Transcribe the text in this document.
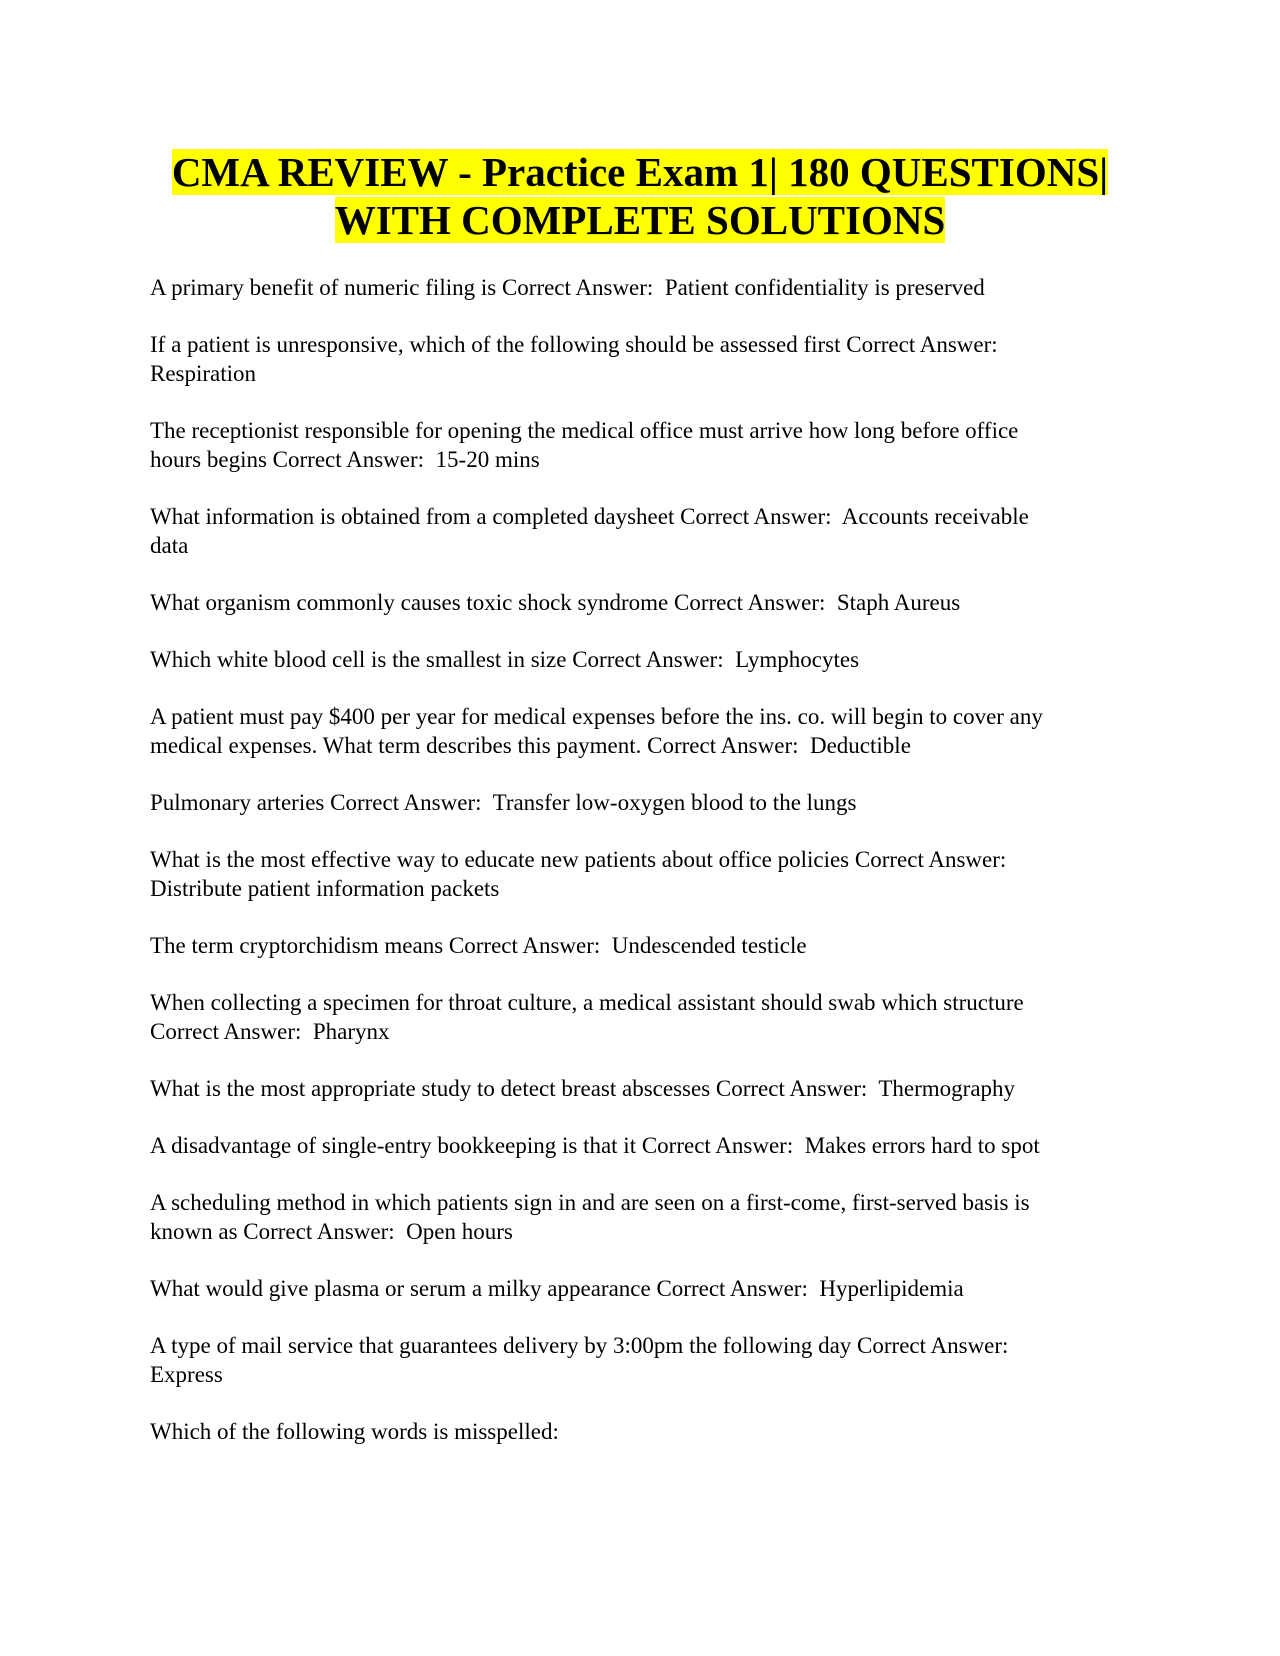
CMA REVIEW - Practice Exam 1| 180 QUESTIONS|
WITH COMPLETE SOLUTIONS
A primary benefit of numeric filing is Correct Answer:  Patient confidentiality is preserved
If a patient is unresponsive, which of the following should be assessed first Correct Answer:
Respiration
The receptionist responsible for opening the medical office must arrive how long before office
hours begins Correct Answer:  15-20 mins
What information is obtained from a completed daysheet Correct Answer:  Accounts receivable
data
What organism commonly causes toxic shock syndrome Correct Answer:  Staph Aureus
Which white blood cell is the smallest in size Correct Answer:  Lymphocytes
A patient must pay $400 per year for medical expenses before the ins. co. will begin to cover any
medical expenses. What term describes this payment. Correct Answer:  Deductible
Pulmonary arteries Correct Answer:  Transfer low-oxygen blood to the lungs
What is the most effective way to educate new patients about office policies Correct Answer:
Distribute patient information packets
The term cryptorchidism means Correct Answer:  Undescended testicle
When collecting a specimen for throat culture, a medical assistant should swab which structure
Correct Answer:  Pharynx
What is the most appropriate study to detect breast abscesses Correct Answer:  Thermography
A disadvantage of single-entry bookkeeping is that it Correct Answer:  Makes errors hard to spot
A scheduling method in which patients sign in and are seen on a first-come, first-served basis is
known as Correct Answer:  Open hours
What would give plasma or serum a milky appearance Correct Answer:  Hyperlipidemia
A type of mail service that guarantees delivery by 3:00pm the following day Correct Answer:
Express
Which of the following words is misspelled:
